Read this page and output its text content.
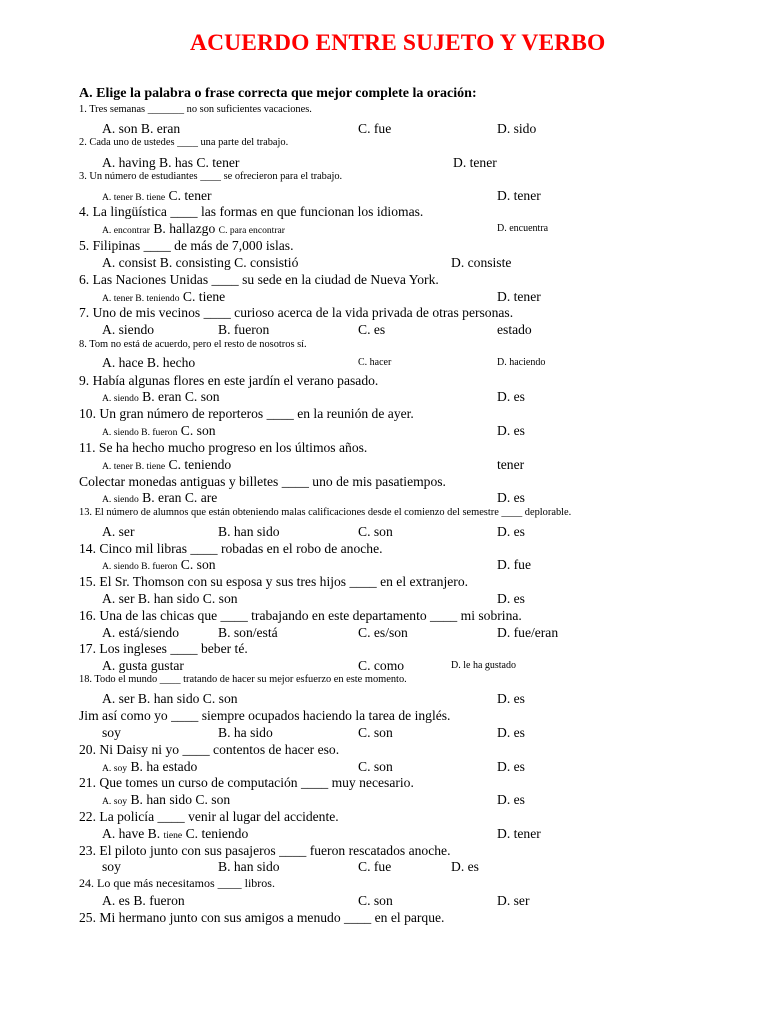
ACUERDO ENTRE SUJETO Y VERBO
A. Elige la palabra o frase correcta que mejor complete la oración:
1. Tres semanas _______ no son suficientes vacaciones.
A. son B. eran	C. fue	D. sido
2. Cada uno de ustedes ____ una parte del trabajo.
A. having B. has C. tener	D. tener
3. Un número de estudiantes ____ se ofrecieron para el trabajo.
A. tener B. tiene C. tener	D. tener
4. La lingüística ____ las formas en que funcionan los idiomas.
A. encontrar B. hallazgo C. para encontrar	D. encuentra
5. Filipinas ____ de más de 7,000 islas.
A. consist B. consisting C. consistió	D. consiste
6. Las Naciones Unidas ____ su sede en la ciudad de Nueva York.
A. tener B. teniendo C. tiene	D. tener
7. Uno de mis vecinos ____ curioso acerca de la vida privada de otras personas.
A. siendo	B. fueron	C. es	estado
8. Tom no está de acuerdo, pero el resto de nosotros sí.
A. hace B. hecho	C. hacer	D. haciendo
9. Había algunas flores en este jardín el verano pasado.
A. siendo B. eran C. son	D. es
10. Un gran número de reporteros ____ en la reunión de ayer.
A. siendo B. fueron C. son	D. es
11. Se ha hecho mucho progreso en los últimos años.
A. tener B. tiene C. teniendo	tener
Colectar monedas antiguas y billetes ____ uno de mis pasatiempos.
A. siendo B. eran C. are	D. es
13. El número de alumnos que están obteniendo malas calificaciones desde el comienzo del semestre ____ deplorable.
A. ser	B. han sido	C. son	D. es
14. Cinco mil libras ____ robadas en el robo de anoche.
A. siendo B. fueron C. son	D. fue
15. El Sr. Thomson con su esposa y sus tres hijos ____ en el extranjero.
A. ser B. han sido C. son	D. es
16. Una de las chicas que ____ trabajando en este departamento ____ mi sobrina.
A. está/siendo	B. son/está	C. es/son	D. fue/eran
17. Los ingleses ____ beber té.
A. gusta gustar	C. como	D. le ha gustado
18. Todo el mundo ____ tratando de hacer su mejor esfuerzo en este momento.
A. ser B. han sido C. son	D. es
Jim así como yo ____ siempre ocupados haciendo la tarea de inglés.
soy	B. ha sido	C. son	D. es
20. Ni Daisy ni yo ____ contentos de hacer eso.
A. soy B. ha estado	C. son	D. es
21. Que tomes un curso de computación ____ muy necesario.
A. soy B. han sido C. son	D. es
22. La policía ____ venir al lugar del accidente.
A. have B. tiene C. teniendo	D. tener
23. El piloto junto con sus pasajeros ____ fueron rescatados anoche.
soy	B. han sido	C. fue	D. es
24. Lo que más necesitamos ____ libros.
A. es B. fueron	C. son	D. ser
25. Mi hermano junto con sus amigos a menudo ____ en el parque.
